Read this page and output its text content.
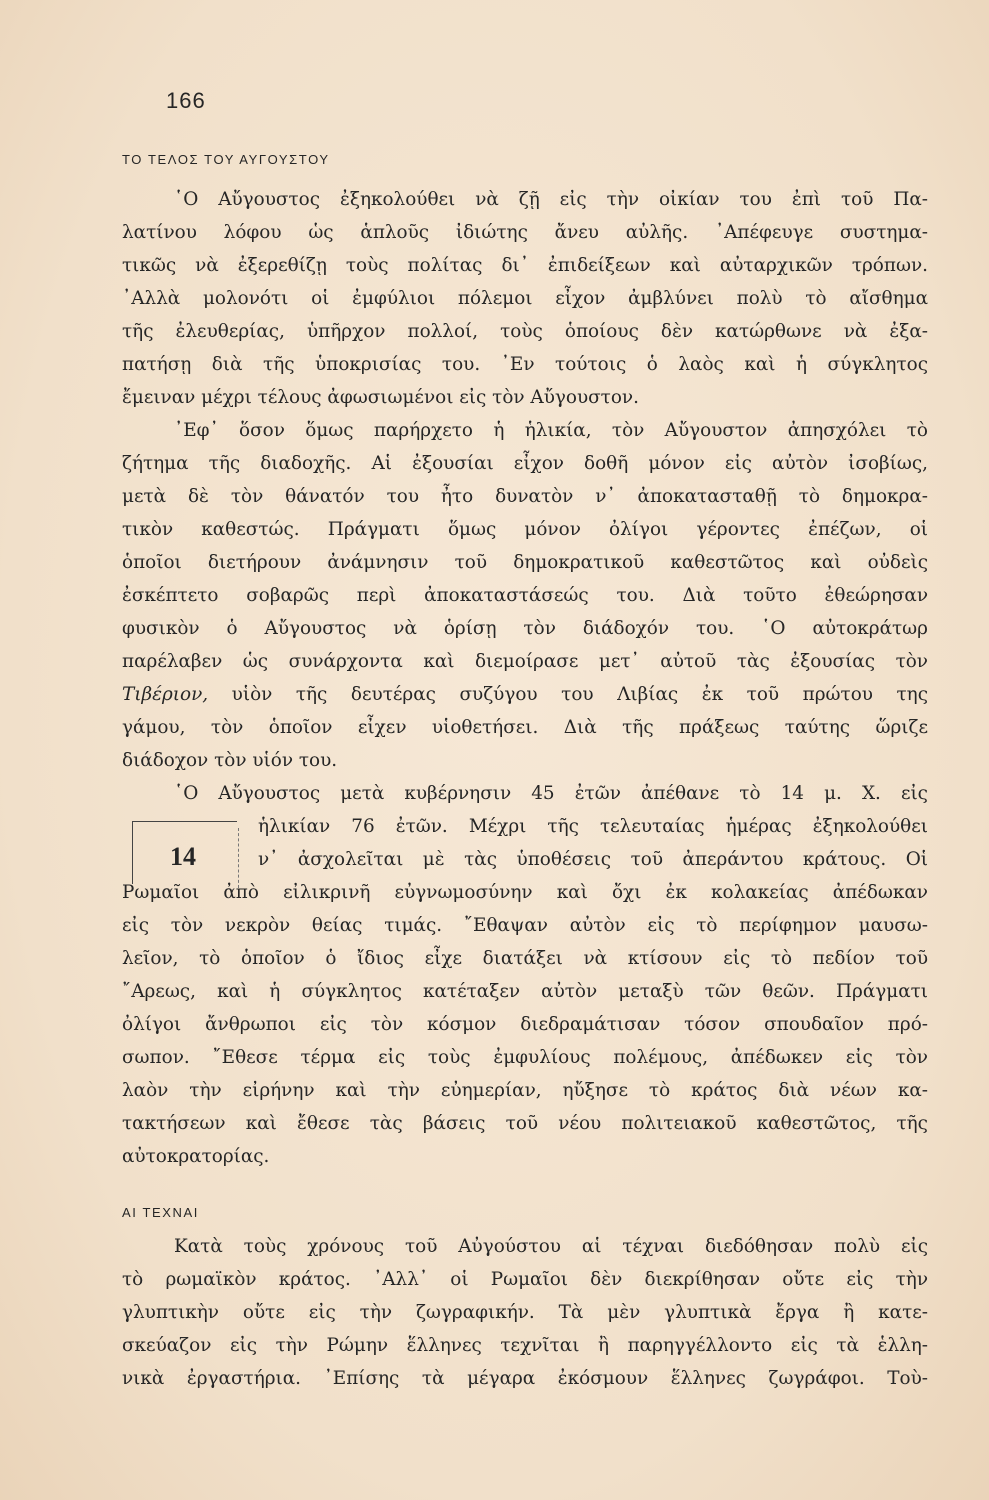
166
ΤΟ ΤΕΛΟΣ ΤΟΥ ΑΥΓΟΥΣΤΟΥ
῾Ο Αὔγουστος ἐξηκολούθει νὰ ζῇ εἰς τὴν οἰκίαν του ἐπὶ τοῦ Πα-
λατίνου λόφου ὡς ἁπλοῦς ἰδιώτης ἄνευ αὐλῆς. ᾿Απέφευγε συστημα-
τικῶς νὰ ἐξερεθίζῃ τοὺς πολίτας δι᾿ ἐπιδείξεων καὶ αὐταρχικῶν τρόπων.
᾿Αλλὰ μολονότι οἱ ἐμφύλιοι πόλεμοι εἶχον ἀμβλύνει πολὺ τὸ αἴσθημα
τῆς ἐλευθερίας, ὑπῆρχον πολλοί, τοὺς ὁποίους δὲν κατώρθωνε νὰ ἐξα-
πατήσῃ διὰ τῆς ὑποκρισίας του. ᾿Εν τούτοις ὁ λαὸς καὶ ἡ σύγκλητος
ἔμειναν μέχρι τέλους ἀφωσιωμένοι εἰς τὸν Αὔγουστον.
᾿Εφ᾿ ὅσον ὅμως παρήρχετο ἡ ἡλικία, τὸν Αὔγουστον ἀπησχόλει τὸ
ζήτημα τῆς διαδοχῆς. Αἱ ἐξουσίαι εἶχον δοθῆ μόνον εἰς αὐτὸν ἰσοβίως,
μετὰ δὲ τὸν θάνατόν του ἦτο δυνατὸν ν᾿ ἀποκατασταθῇ τὸ δημοκρα-
τικὸν καθεστώς. Πράγματι ὅμως μόνον ὀλίγοι γέροντες ἐπέζων, οἱ
ὁποῖοι διετήρουν ἀνάμνησιν τοῦ δημοκρατικοῦ καθεστῶτος καὶ οὐδεὶς
ἐσκέπτετο σοβαρῶς περὶ ἀποκαταστάσεώς του. Διὰ τοῦτο ἐθεώρησαν
φυσικὸν ὁ Αὔγουστος νὰ ὁρίσῃ τὸν διάδοχόν του. ῾Ο αὐτοκράτωρ
παρέλαβεν ὡς συνάρχοντα καὶ διεμοίρασε μετ᾿ αὐτοῦ τὰς ἐξουσίας τὸν
Τιβέριον, υἱὸν τῆς δευτέρας συζύγου του Λιβίας ἐκ τοῦ πρώτου της
γάμου, τὸν ὁποῖον εἶχεν υἱοθετήσει. Διὰ τῆς πράξεως ταύτης ὥριζε
διάδοχον τὸν υἱόν του.
14
῾Ο Αὔγουστος μετὰ κυβέρνησιν 45 ἐτῶν ἀπέθανε τὸ 14 μ. Χ. εἰς
ἡλικίαν 76 ἐτῶν. Μέχρι τῆς τελευταίας ἡμέρας ἐξηκολούθει
ν᾿ ἀσχολεῖται μὲ τὰς ὑποθέσεις τοῦ ἀπεράντου κράτους. Οἱ
Ρωμαῖοι ἀπὸ εἰλικρινῆ εὐγνωμοσύνην καὶ ὄχι ἐκ κολακείας ἀπέδωκαν
εἰς τὸν νεκρὸν θείας τιμάς. ῎Εθαψαν αὐτὸν εἰς τὸ περίφημον μαυσω-
λεῖον, τὸ ὁποῖον ὁ ἴδιος εἶχε διατάξει νὰ κτίσουν εἰς τὸ πεδίον τοῦ
῎Αρεως, καὶ ἡ σύγκλητος κατέταξεν αὐτὸν μεταξὺ τῶν θεῶν. Πράγματι
ὀλίγοι ἄνθρωποι εἰς τὸν κόσμον διεδραμάτισαν τόσον σπουδαῖον πρό-
σωπον. ῎Εθεσε τέρμα εἰς τοὺς ἐμφυλίους πολέμους, ἀπέδωκεν εἰς τὸν
λαὸν τὴν εἰρήνην καὶ τὴν εὐημερίαν, ηὔξησε τὸ κράτος διὰ νέων κα-
τακτήσεων καὶ ἔθεσε τὰς βάσεις τοῦ νέου πολιτειακοῦ καθεστῶτος, τῆς
αὐτοκρατορίας.
ΑΙ ΤΕΧΝΑΙ
Κατὰ τοὺς χρόνους τοῦ Αὐγούστου αἱ τέχναι διεδόθησαν πολὺ εἰς
τὸ ρωμαϊκὸν κράτος. ᾿Αλλ᾿ οἱ Ρωμαῖοι δὲν διεκρίθησαν οὔτε εἰς τὴν
γλυπτικὴν οὔτε εἰς τὴν ζωγραφικήν. Τὰ μὲν γλυπτικὰ ἔργα ἢ κατε-
σκεύαζον εἰς τὴν Ρώμην ἕλληνες τεχνῖται ἢ παρηγγέλλοντο εἰς τὰ ἑλλη-
νικὰ ἐργαστήρια. ᾿Επίσης τὰ μέγαρα ἐκόσμουν ἕλληνες ζωγράφοι. Τοὺ-
